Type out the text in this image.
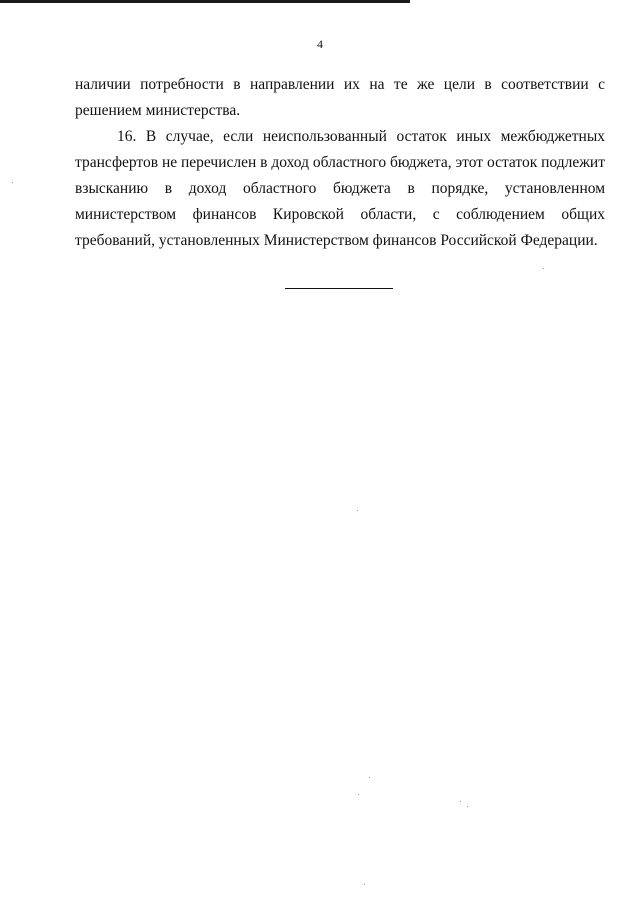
4
наличии потребности в направлении их на те же цели в соответствии с
решением министерства.
16. В случае, если неиспользованный остаток иных межбюджетных
трансфертов не перечислен в доход областного бюджета, этот остаток подлежит
взысканию в доход областного бюджета в порядке, установленном
министерством финансов Кировской области, с соблюдением общих
требований, установленных Министерством финансов Российской Федерации.
